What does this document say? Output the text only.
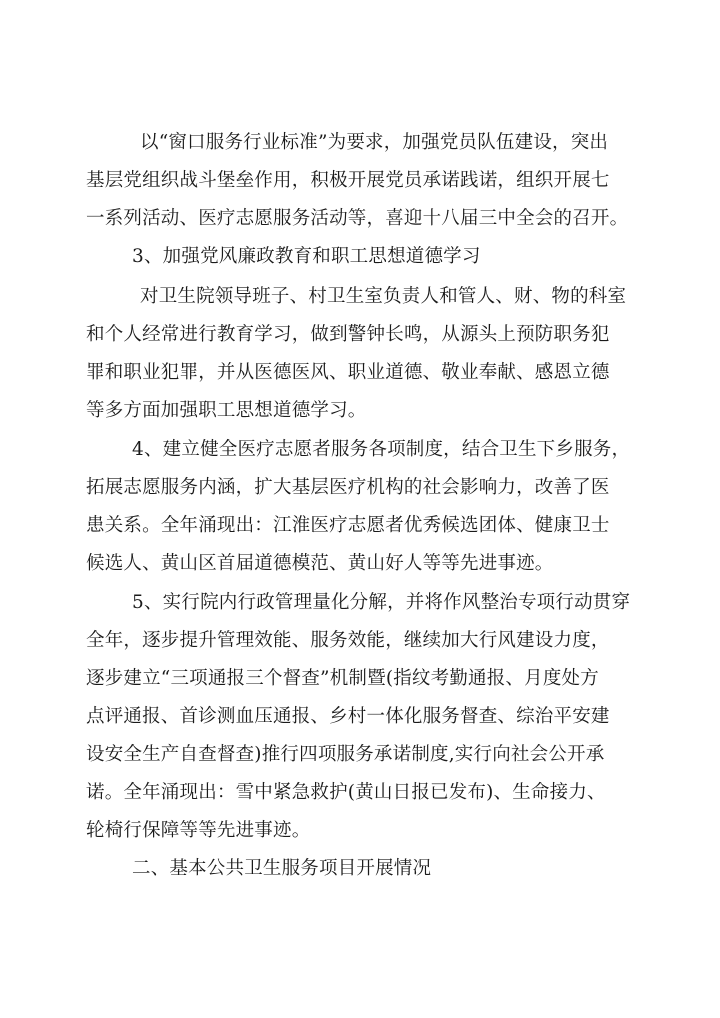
以“窗口服务行业标准”为要求，加强党员队伍建设，突出
基层党组织战斗堡垒作用，积极开展党员承诺践诺，组织开展七
一系列活动、医疗志愿服务活动等，喜迎十八届三中全会的召开。
3、加强党风廉政教育和职工思想道德学习
对卫生院领导班子、村卫生室负责人和管人、财、物的科室
和个人经常进行教育学习，做到警钟长鸣，从源头上预防职务犯
罪和职业犯罪，并从医德医风、职业道德、敬业奉献、感恩立德
等多方面加强职工思想道德学习。
4、建立健全医疗志愿者服务各项制度，结合卫生下乡服务，
拓展志愿服务内涵，扩大基层医疗机构的社会影响力，改善了医
患关系。全年涌现出：江淮医疗志愿者优秀候选团体、健康卫士
候选人、黄山区首届道德模范、黄山好人等等先进事迹。
5、实行院内行政管理量化分解，并将作风整治专项行动贯穿
全年，逐步提升管理效能、服务效能，继续加大行风建设力度，
逐步建立“三项通报三个督查”机制暨(指纹考勤通报、月度处方
点评通报、首诊测血压通报、乡村一体化服务督查、综治平安建
设安全生产自查督查)推行四项服务承诺制度,实行向社会公开承
诺。全年涌现出：雪中紧急救护(黄山日报已发布)、生命接力、
轮椅行保障等等先进事迹。
二、基本公共卫生服务项目开展情况
